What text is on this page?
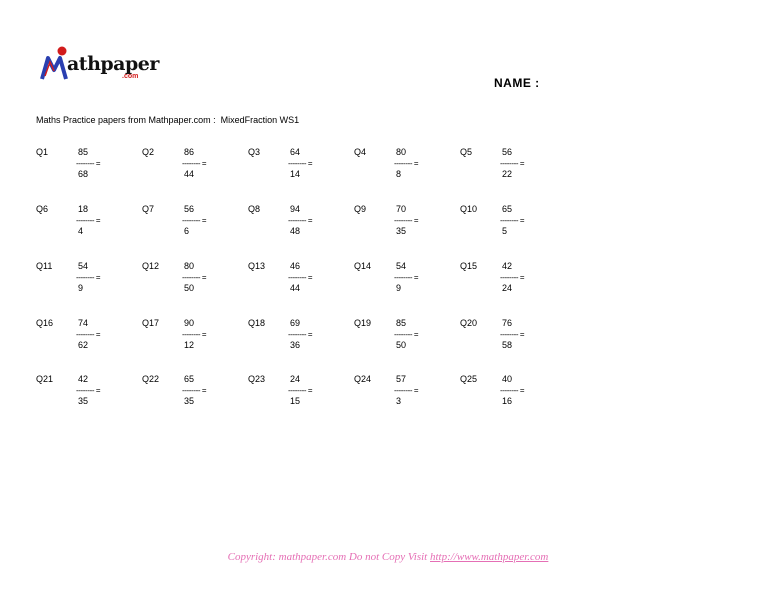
athpaper
.com	NAME :
Maths Practice papers from Mathpaper.com :  MixedFraction WS1
Q1	85
-------- =
68
Q2	86
-------- =
44
Q3	64
-------- =
14
Q4	80
-------- =
8
Q5	56
-------- =
22
Q6	18
-------- =
4
Q7	56
-------- =
6
Q8	94
-------- =
48
Q9	70
-------- =
35
Q10	65
-------- =
5
Q11	54
-------- =
9
Q12	80
-------- =
50
Q13	46
-------- =
44
Q14	54
-------- =
9
Q15	42
-------- =
24
Q16	74
-------- =
62
Q17	90
-------- =
12
Q18	69
-------- =
36
Q19	85
-------- =
50
Q20	76
-------- =
58
Q21	42
-------- =
35
Q22	65
-------- =
35
Q23	24
-------- =
15
Q24	57
-------- =
3
Q25	40
-------- =
16
Copyright: mathpaper.com Do not Copy Visit http://www.mathpaper.com
